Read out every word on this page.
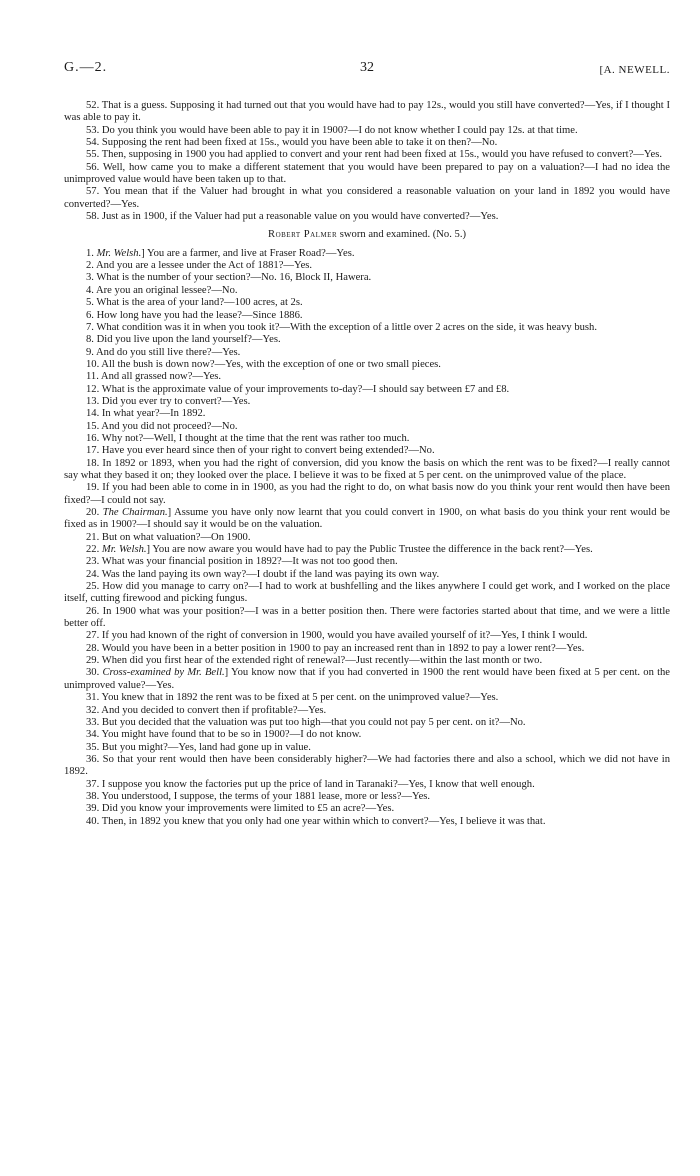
G.—2.	32	[A. NEWELL.

52. That is a guess. Supposing it had turned out that you would have had to pay 12s., would you still have converted?—Yes, if I thought I was able to pay it.

53. Do you think you would have been able to pay it in 1900?—I do not know whether I could pay 12s. at that time.

54. Supposing the rent had been fixed at 15s., would you have been able to take it on then?—No.

55. Then, supposing in 1900 you had applied to convert and your rent had been fixed at 15s., would you have refused to convert?—Yes.

56. Well, how came you to make a different statement that you would have been prepared to pay on a valuation?—I had no idea the unimproved value would have been taken up to that.

57. You mean that if the Valuer had brought in what you considered a reasonable valuation on your land in 1892 you would have converted?—Yes.

58. Just as in 1900, if the Valuer had put a reasonable value on you would have converted?—Yes.

Robert Palmer sworn and examined. (No. 5.)

1. Mr. Welsh.] You are a farmer, and live at Fraser Road?—Yes.

2. And you are a lessee under the Act of 1881?—Yes.

3. What is the number of your section?—No. 16, Block II, Hawera.

4. Are you an original lessee?—No.

5. What is the area of your land?—100 acres, at 2s.

6. How long have you had the lease?—Since 1886.

7. What condition was it in when you took it?—With the exception of a little over 2 acres on the side, it was heavy bush.

8. Did you live upon the land yourself?—Yes.

9. And do you still live there?—Yes.

10. All the bush is down now?—Yes, with the exception of one or two small pieces.

11. And all grassed now?—Yes.

12. What is the approximate value of your improvements to-day?—I should say between £7 and £8.

13. Did you ever try to convert?—Yes.

14. In what year?—In 1892.

15. And you did not proceed?—No.

16. Why not?—Well, I thought at the time that the rent was rather too much.

17. Have you ever heard since then of your right to convert being extended?—No.

18. In 1892 or 1893, when you had the right of conversion, did you know the basis on which the rent was to be fixed?—I really cannot say what they based it on; they looked over the place. I believe it was to be fixed at 5 per cent. on the unimproved value of the place.

19. If you had been able to come in in 1900, as you had the right to do, on what basis now do you think your rent would then have been fixed?—I could not say.

20. The Chairman.] Assume you have only now learnt that you could convert in 1900, on what basis do you think your rent would be fixed as in 1900?—I should say it would be on the valuation.

21. But on what valuation?—On 1900.

22. Mr. Welsh.] You are now aware you would have had to pay the Public Trustee the difference in the back rent?—Yes.

23. What was your financial position in 1892?—It was not too good then.

24. Was the land paying its own way?—I doubt if the land was paying its own way.

25. How did you manage to carry on?—I had to work at bushfelling and the likes anywhere I could get work, and I worked on the place itself, cutting firewood and picking fungus.

26. In 1900 what was your position?—I was in a better position then. There were factories started about that time, and we were a little better off.

27. If you had known of the right of conversion in 1900, would you have availed yourself of it?—Yes, I think I would.

28. Would you have been in a better position in 1900 to pay an increased rent than in 1892 to pay a lower rent?—Yes.

29. When did you first hear of the extended right of renewal?—Just recently—within the last month or two.

30. Cross-examined by Mr. Bell.] You know now that if you had converted in 1900 the rent would have been fixed at 5 per cent. on the unimproved value?—Yes.

31. You knew that in 1892 the rent was to be fixed at 5 per cent. on the unimproved value?—Yes.

32. And you decided to convert then if profitable?—Yes.

33. But you decided that the valuation was put too high—that you could not pay 5 per cent. on it?—No.

34. You might have found that to be so in 1900?—I do not know.

35. But you might?—Yes, land had gone up in value.

36. So that your rent would then have been considerably higher?—We had factories there and also a school, which we did not have in 1892.

37. I suppose you know the factories put up the price of land in Taranaki?—Yes, I know that well enough.

38. You understood, I suppose, the terms of your 1881 lease, more or less?—Yes.

39. Did you know your improvements were limited to £5 an acre?—Yes.

40. Then, in 1892 you knew that you only had one year within which to convert?—Yes, I believe it was that.
